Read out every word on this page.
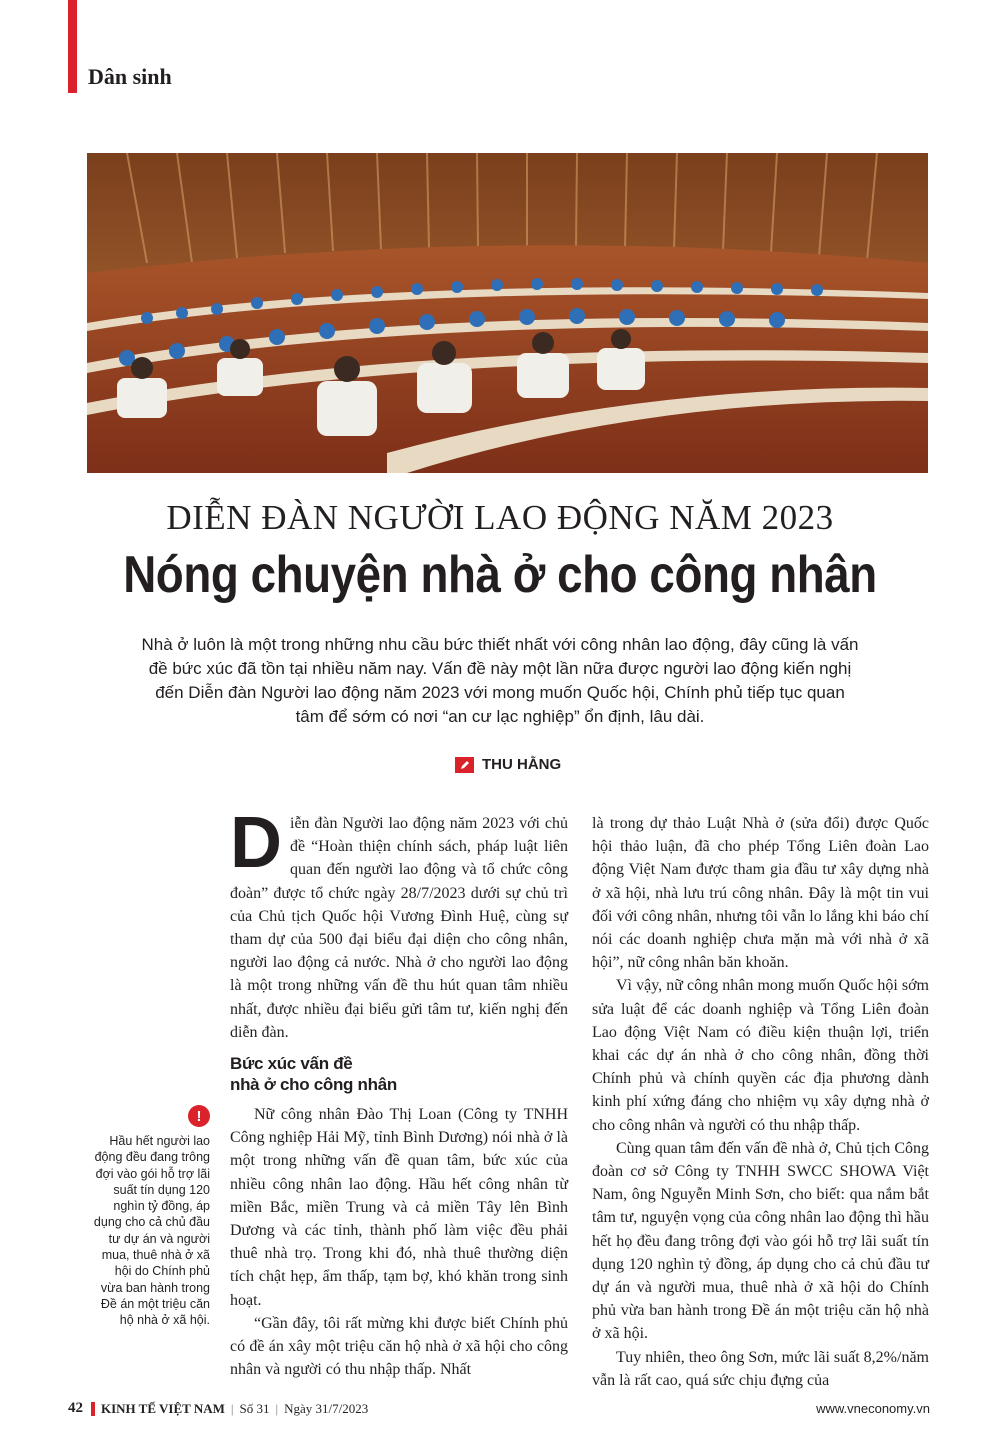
Dân sinh
DIỄN ĐÀN NGƯỜI LAO ĐỘNG NĂM 2023
Nóng chuyện nhà ở cho công nhân
Nhà ở luôn là một trong những nhu cầu bức thiết nhất với công nhân lao động, đây cũng là vấn đề bức xúc đã tồn tại nhiều năm nay. Vấn đề này một lần nữa được người lao động kiến nghị đến Diễn đàn Người lao động năm 2023 với mong muốn Quốc hội, Chính phủ tiếp tục quan tâm để sớm có nơi “an cư lạc nghiệp” ổn định, lâu dài.
THU HẰNG

Diễn đàn Người lao động năm 2023 với chủ đề “Hoàn thiện chính sách, pháp luật liên quan đến người lao động và tổ chức công đoàn” được tổ chức ngày 28/7/2023 dưới sự chủ trì của Chủ tịch Quốc hội Vương Đình Huệ, cùng sự tham dự của 500 đại biểu đại diện cho công nhân, người lao động cả nước. Nhà ở cho người lao động là một trong những vấn đề thu hút quan tâm nhiều nhất, được nhiều đại biểu gửi tâm tư, kiến nghị đến diễn đàn.

Bức xúc vấn đề
nhà ở cho công nhân

Nữ công nhân Đào Thị Loan (Công ty TNHH Công nghiệp Hải Mỹ, tỉnh Bình Dương) nói nhà ở là một trong những vấn đề quan tâm, bức xúc của nhiều công nhân lao động. Hầu hết công nhân từ miền Bắc, miền Trung và cả miền Tây lên Bình Dương và các tỉnh, thành phố làm việc đều phải thuê nhà trọ. Trong khi đó, nhà thuê thường diện tích chật hẹp, ẩm thấp, tạm bợ, khó khăn trong sinh hoạt.

“Gần đây, tôi rất mừng khi được biết Chính phủ có đề án xây một triệu căn hộ nhà ở xã hội cho công nhân và người có thu nhập thấp. Nhất

là trong dự thảo Luật Nhà ở (sửa đổi) được Quốc hội thảo luận, đã cho phép Tổng Liên đoàn Lao động Việt Nam được tham gia đầu tư xây dựng nhà ở xã hội, nhà lưu trú công nhân. Đây là một tin vui đối với công nhân, nhưng tôi vẫn lo lắng khi báo chí nói các doanh nghiệp chưa mặn mà với nhà ở xã hội”, nữ công nhân băn khoăn.

Vì vậy, nữ công nhân mong muốn Quốc hội sớm sửa luật để các doanh nghiệp và Tổng Liên đoàn Lao động Việt Nam có điều kiện thuận lợi, triển khai các dự án nhà ở cho công nhân, đồng thời Chính phủ và chính quyền các địa phương dành kinh phí xứng đáng cho nhiệm vụ xây dựng nhà ở cho công nhân và người có thu nhập thấp.

Cùng quan tâm đến vấn đề nhà ở, Chủ tịch Công đoàn cơ sở Công ty TNHH SWCC SHOWA Việt Nam, ông Nguyễn Minh Sơn, cho biết: qua nắm bắt tâm tư, nguyện vọng của công nhân lao động thì hầu hết họ đều đang trông đợi vào gói hỗ trợ lãi suất tín dụng 120 nghìn tỷ đồng, áp dụng cho cả chủ đầu tư dự án và người mua, thuê nhà ở xã hội do Chính phủ vừa ban hành trong Đề án một triệu căn hộ nhà ở xã hội.

Tuy nhiên, theo ông Sơn, mức lãi suất 8,2%/năm vẫn là rất cao, quá sức chịu đựng của

!
Hầu hết người lao động đều đang trông đợi vào gói hỗ trợ lãi suất tín dụng 120 nghìn tỷ đồng, áp dụng cho cả chủ đầu tư dự án và người mua, thuê nhà ở xã hội do Chính phủ vừa ban hành trong Đề án một triệu căn hộ nhà ở xã hội.
42 KINH TẾ VIỆT NAM | Số 31 | Ngày 31/7/2023	www.vneconomy.vn
